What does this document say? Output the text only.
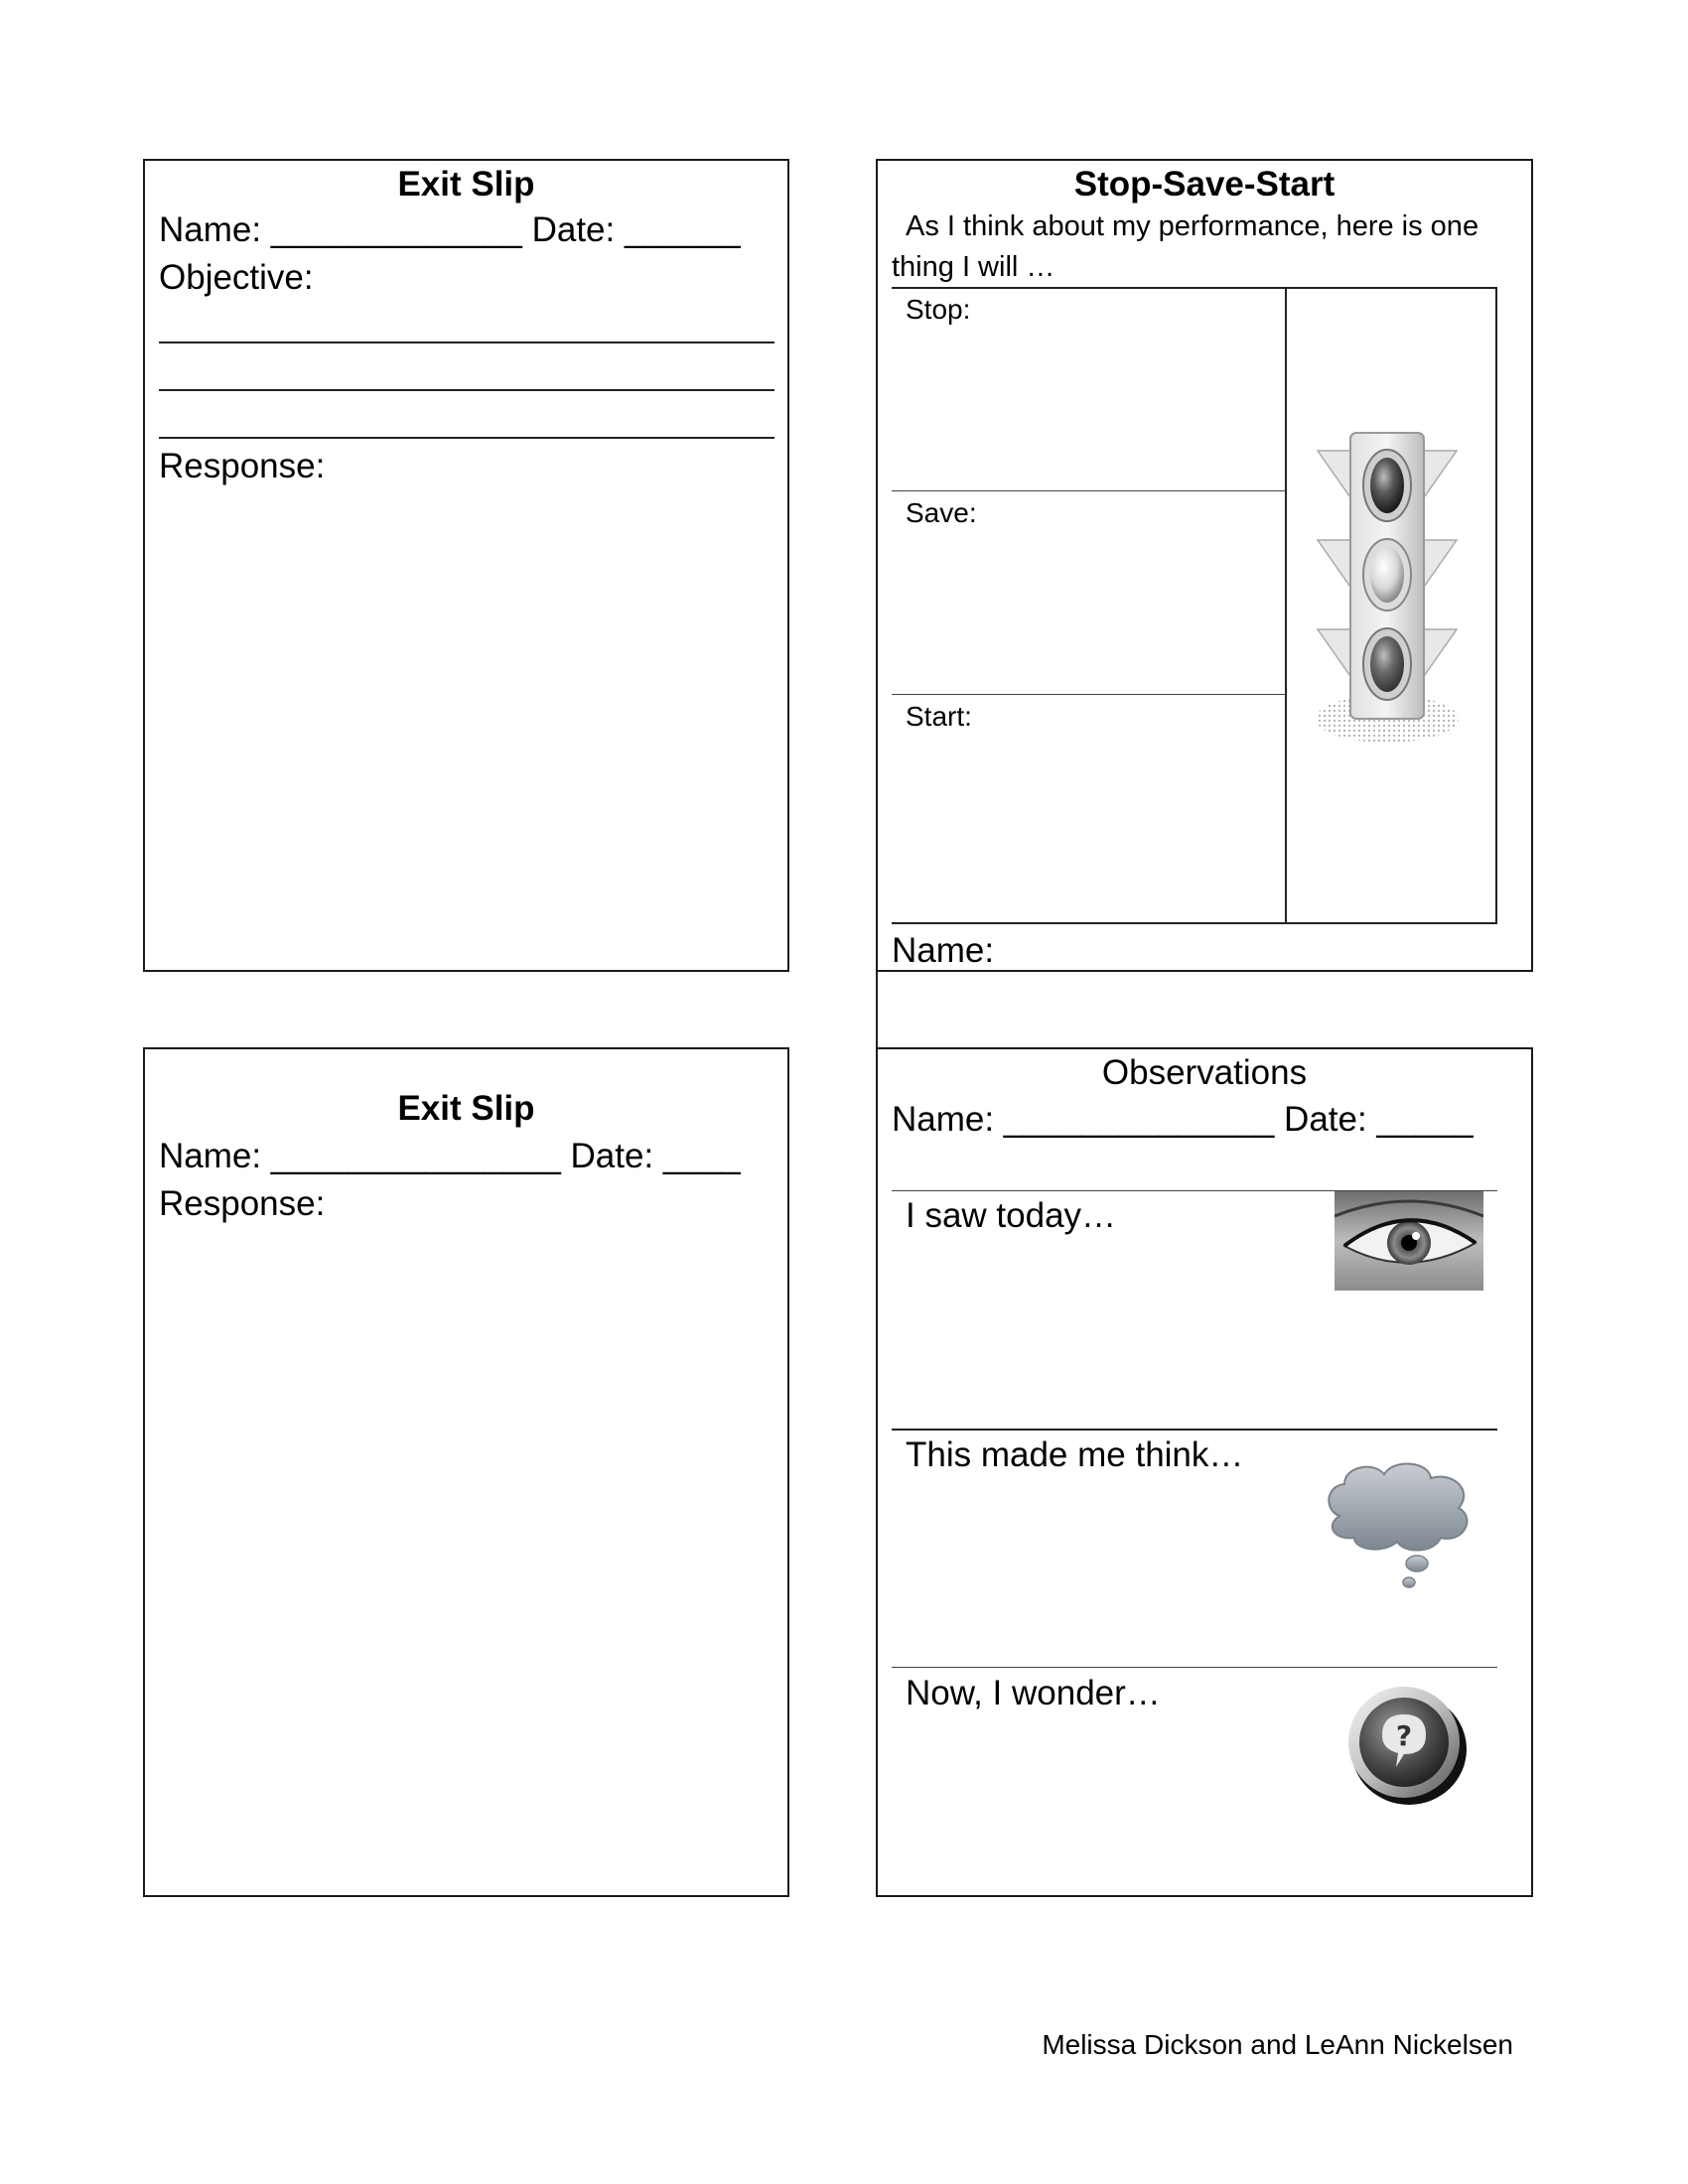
Exit Slip
Name: _____________ Date: ______
Objective:
Response:
Stop-Save-Start
As I think about my performance, here is one
thing I will …
Stop:
Save:
Start:
Name:
Exit Slip
Name: _______________ Date: ____
Response:
Observations
Name: ______________ Date: _____
I saw today…
This made me think…
Now, I wonder…
?
Melissa Dickson and LeAnn Nickelsen
